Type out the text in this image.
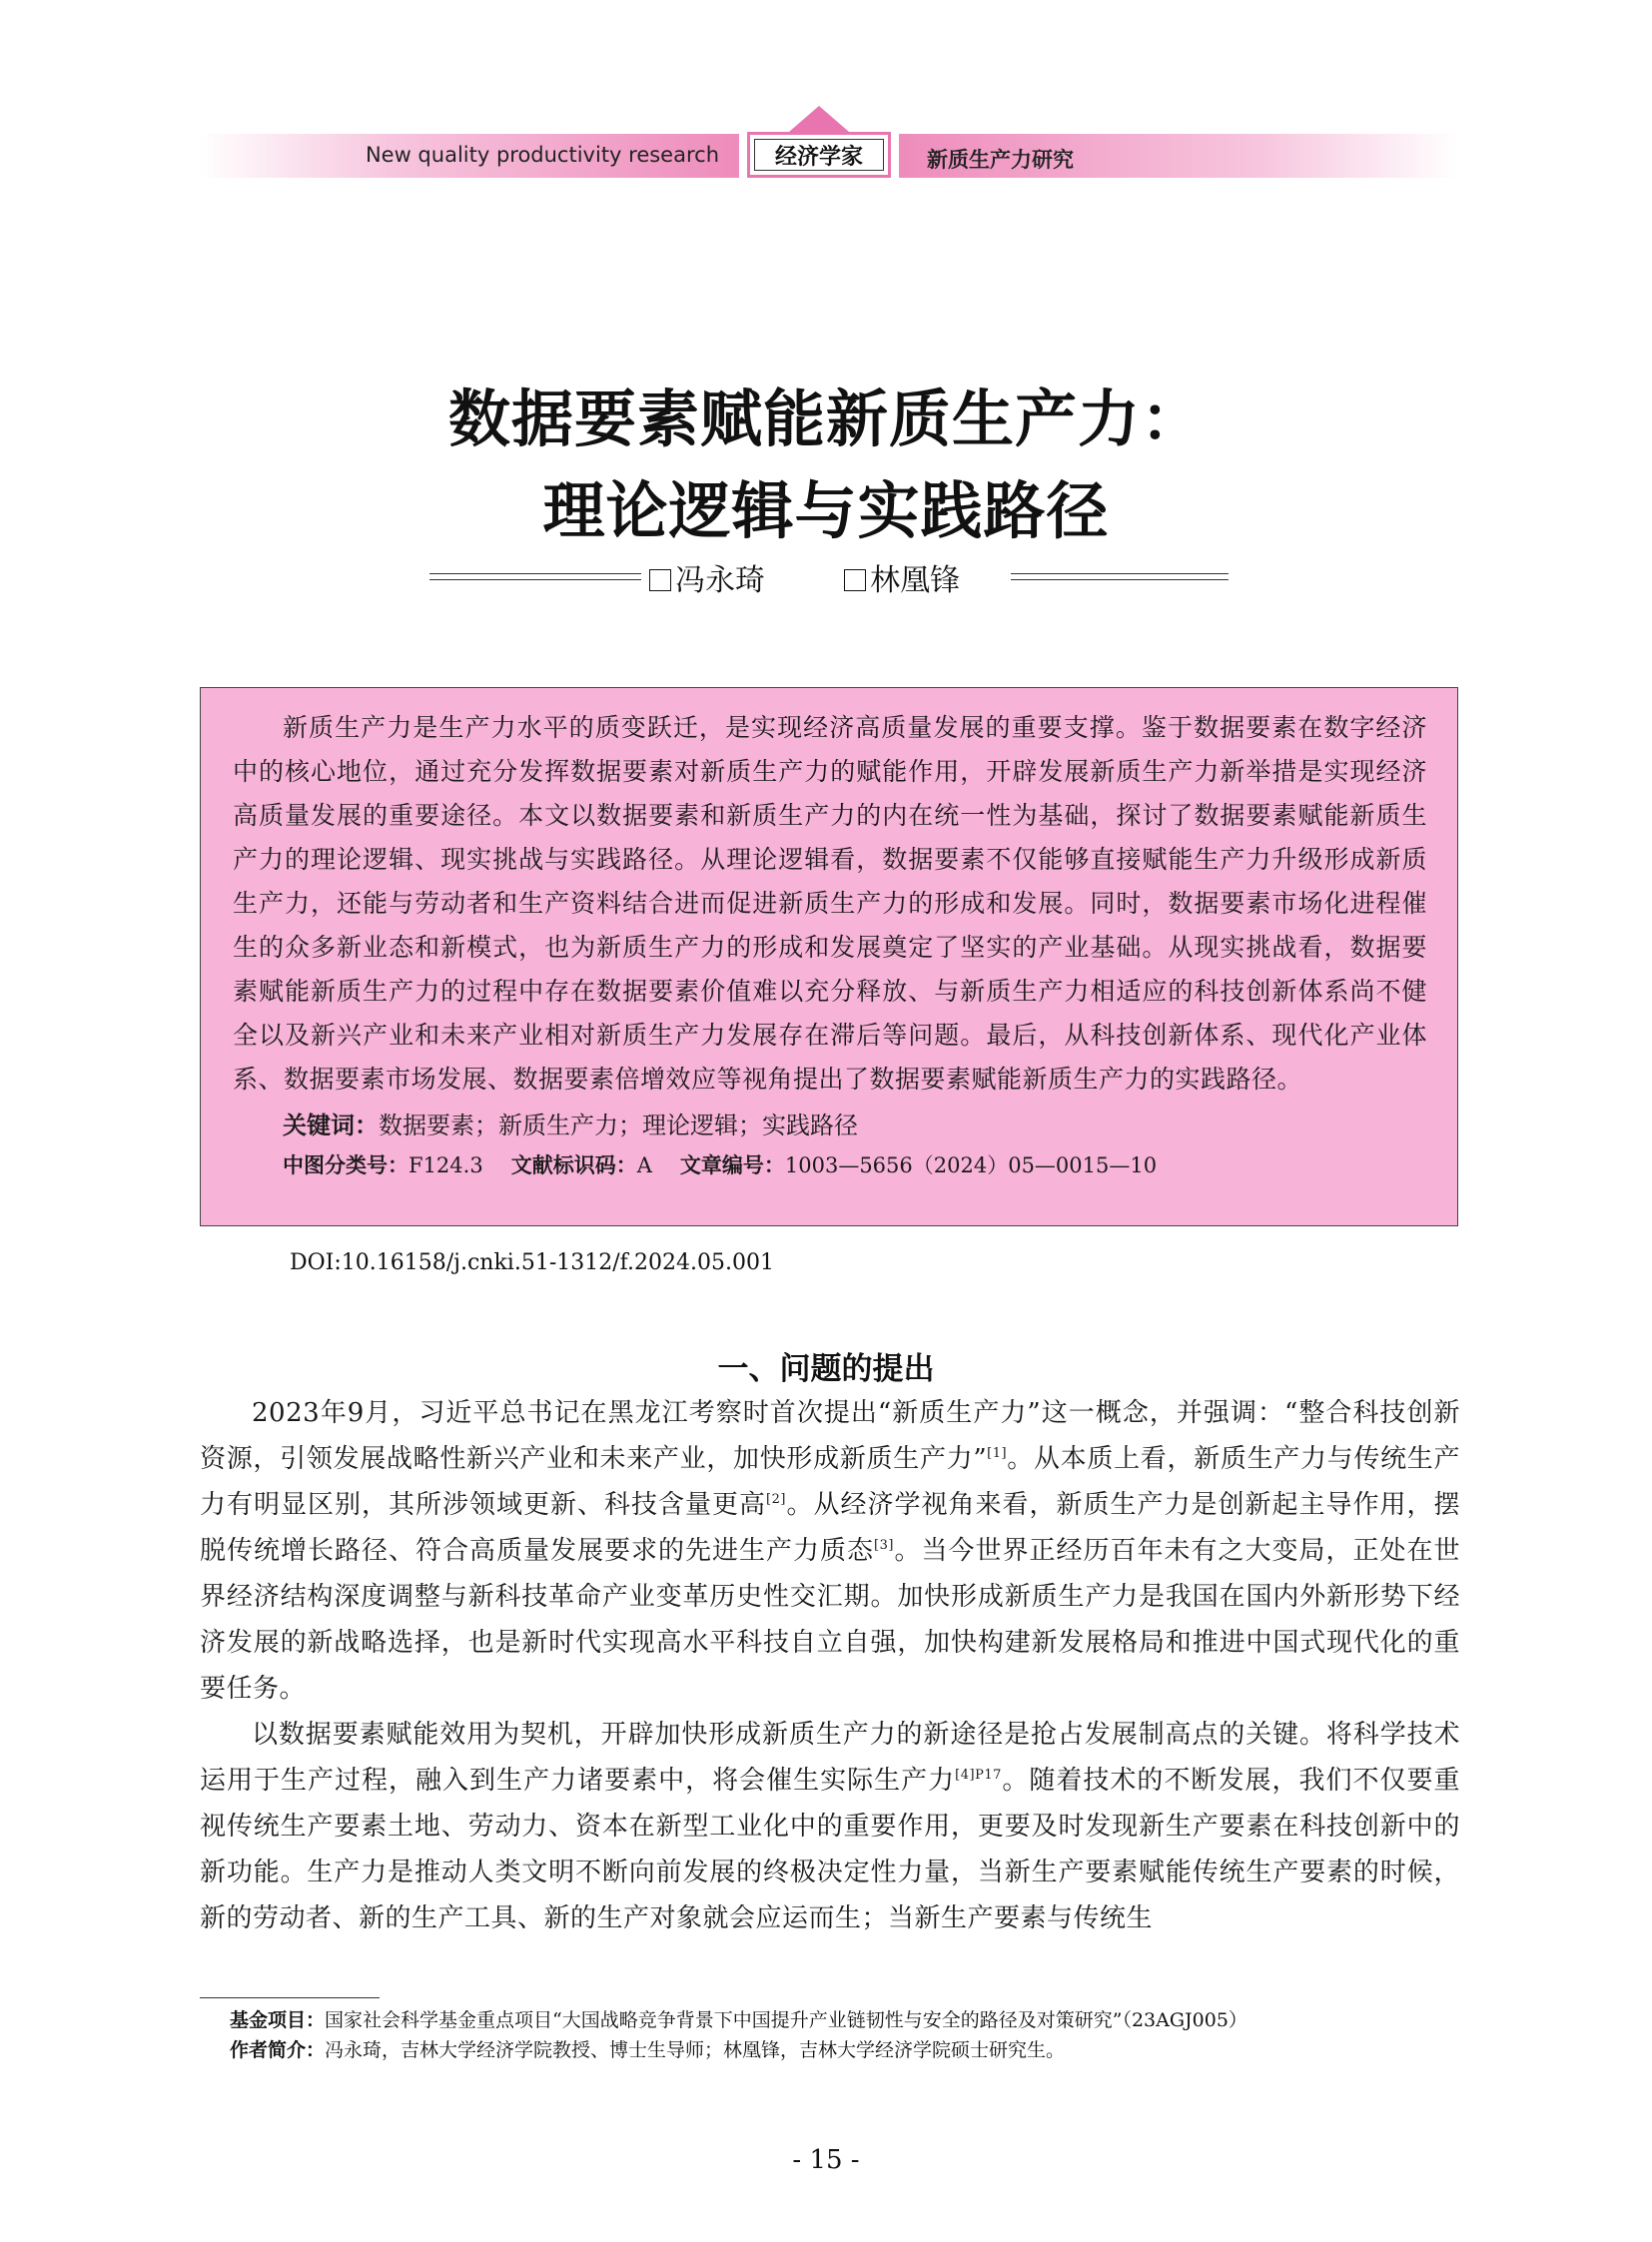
New quality productivity research	经济学家	新质生产力研究
数据要素赋能新质生产力：
理论逻辑与实践路径
冯永琦	林凰锋

新质生产力是生产力水平的质变跃迁，是实现经济高质量发展的重要支撑。鉴于数据要素在数字经济中的核心地位，通过充分发挥数据要素对新质生产力的赋能作用，开辟发展新质生产力新举措是实现经济高质量发展的重要途径。本文以数据要素和新质生产力的内在统一性为基础，探讨了数据要素赋能新质生产力的理论逻辑、现实挑战与实践路径。从理论逻辑看，数据要素不仅能够直接赋能生产力升级形成新质生产力，还能与劳动者和生产资料结合进而促进新质生产力的形成和发展。同时，数据要素市场化进程催生的众多新业态和新模式，也为新质生产力的形成和发展奠定了坚实的产业基础。从现实挑战看，数据要素赋能新质生产力的过程中存在数据要素价值难以充分释放、与新质生产力相适应的科技创新体系尚不健全以及新兴产业和未来产业相对新质生产力发展存在滞后等问题。最后，从科技创新体系、现代化产业体系、数据要素市场发展、数据要素倍增效应等视角提出了数据要素赋能新质生产力的实践路径。

关键词：数据要素；新质生产力；理论逻辑；实践路径
中图分类号：F124.3 文献标识码：A 文章编号：1003—5656（2024）05—0015—10
DOI:10.16158/j.cnki.51-1312/f.2024.05.001
一、问题的提出

2023年9月，习近平总书记在黑龙江考察时首次提出“新质生产力”这一概念，并强调：“整合科技创新资源，引领发展战略性新兴产业和未来产业，加快形成新质生产力”[1]。从本质上看，新质生产力与传统生产力有明显区别，其所涉领域更新、科技含量更高[2]。从经济学视角来看，新质生产力是创新起主导作用，摆脱传统增长路径、符合高质量发展要求的先进生产力质态[3]。当今世界正经历百年未有之大变局，正处在世界经济结构深度调整与新科技革命产业变革历史性交汇期。加快形成新质生产力是我国在国内外新形势下经济发展的新战略选择，也是新时代实现高水平科技自立自强，加快构建新发展格局和推进中国式现代化的重要任务。

以数据要素赋能效用为契机，开辟加快形成新质生产力的新途径是抢占发展制高点的关键。将科学技术运用于生产过程，融入到生产力诸要素中，将会催生实际生产力$^{[4]P17}$。随着技术的不断发展，我们不仅要重视传统生产要素土地、劳动力、资本在新型工业化中的重要作用，更要及时发现新生产要素在科技创新中的新功能。生产力是推动人类文明不断向前发展的终极决定性力量，当新生产要素赋能传统生产要素的时候，新的劳动者、新的生产工具、新的生产对象就会应运而生；当新生产要素与传统生

基金项目：国家社会科学基金重点项目“大国战略竞争背景下中国提升产业链韧性与安全的路径及对策研究”（23AGJ005）
作者简介：冯永琦，吉林大学经济学院教授、博士生导师；林凰锋，吉林大学经济学院硕士研究生。
- 15 -
